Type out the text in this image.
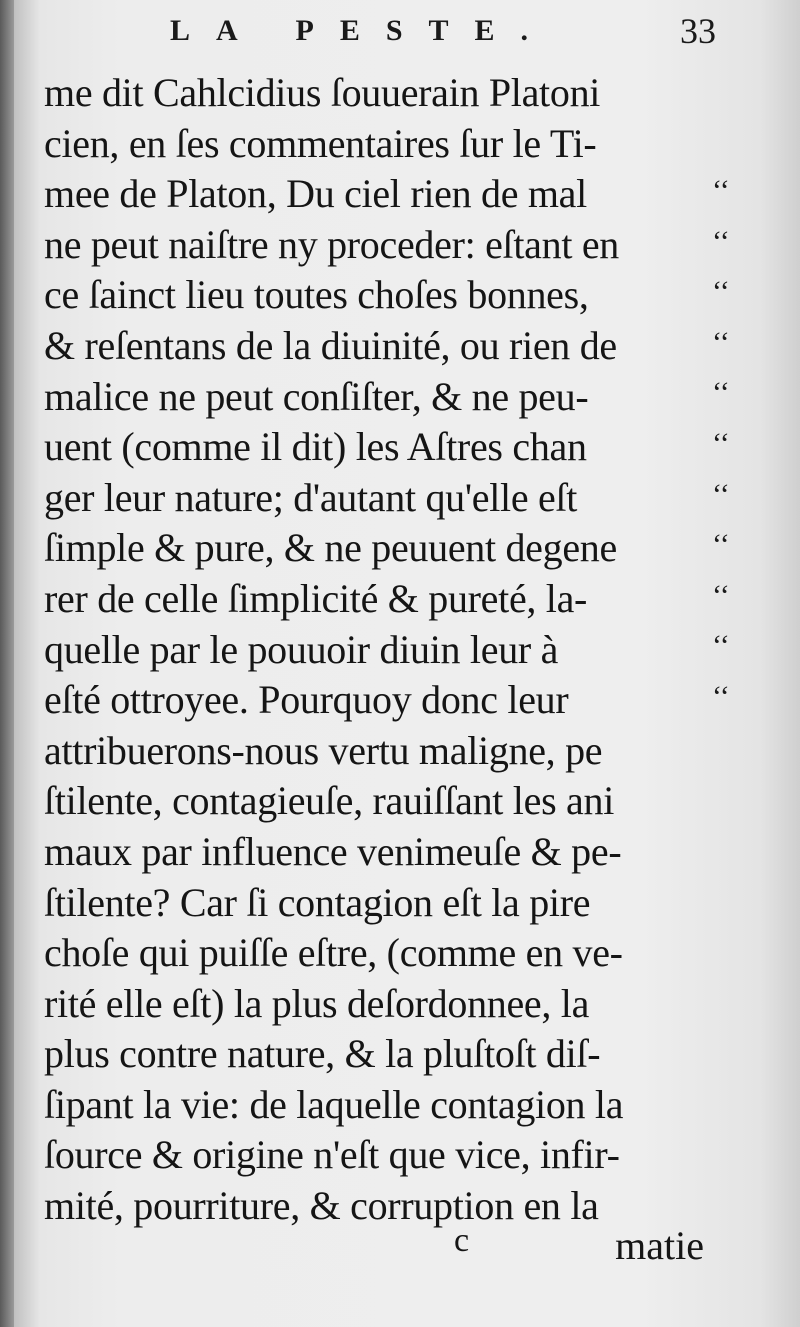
LA PESTE.	33
me dit Cahlcidius ſouuerain Platoni
cien, en ſes commentaires ſur le Ti-
mee de Platon, Du ciel rien de mal
ne peut naiſtre ny proceder: eſtant en
ce ſainct lieu toutes choſes bonnes,
& reſentans de la diuinité, ou rien de
malice ne peut conſiſter, & ne peu-
uent (comme il dit) les Aſtres chan
ger leur nature; d'autant qu'elle eſt
ſimple & pure, & ne peuuent degene
rer de celle ſimplicité & pureté, la-
quelle par le pouuoir diuin leur à
eſté ottroyee. Pourquoy donc leur
attribuerons-nous vertu maligne, pe
ſtilente, contagieuſe, rauiſſant les ani
maux par influence venimeuſe & pe-
ſtilente? Car ſi contagion eſt la pire
choſe qui puiſſe eſtre, (comme en ve-
rité elle eſt) la plus deſordonnee, la
plus contre nature, & la pluſtoſt diſ-
ſipant la vie: de laquelle contagion la
ſource & origine n'eſt que vice, infir-
mité, pourriture, & corruption en la
‘‘
‘‘
‘‘
‘‘
‘‘
‘‘
‘‘
‘‘
‘‘
‘‘
‘‘
c	matie
